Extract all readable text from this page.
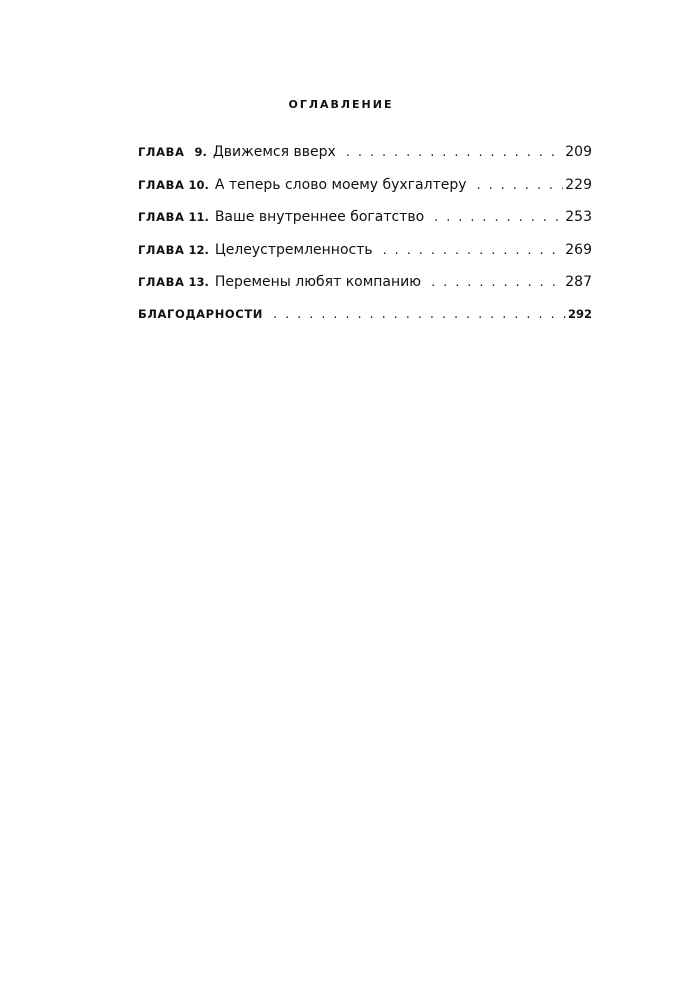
ОГЛАВЛЕНИЕ
ГЛАВА 9. Движемся вверх . . .	209
ГЛАВА 10. А теперь слово моему бухгалтеру . . .	229
ГЛАВА 11. Ваше внутреннее богатство . . .	253
ГЛАВА 12. Целеустремленность . . .	269
ГЛАВА 13. Перемены любят компанию . . .	287
БЛАГОДАРНОСТИ . . .	292
